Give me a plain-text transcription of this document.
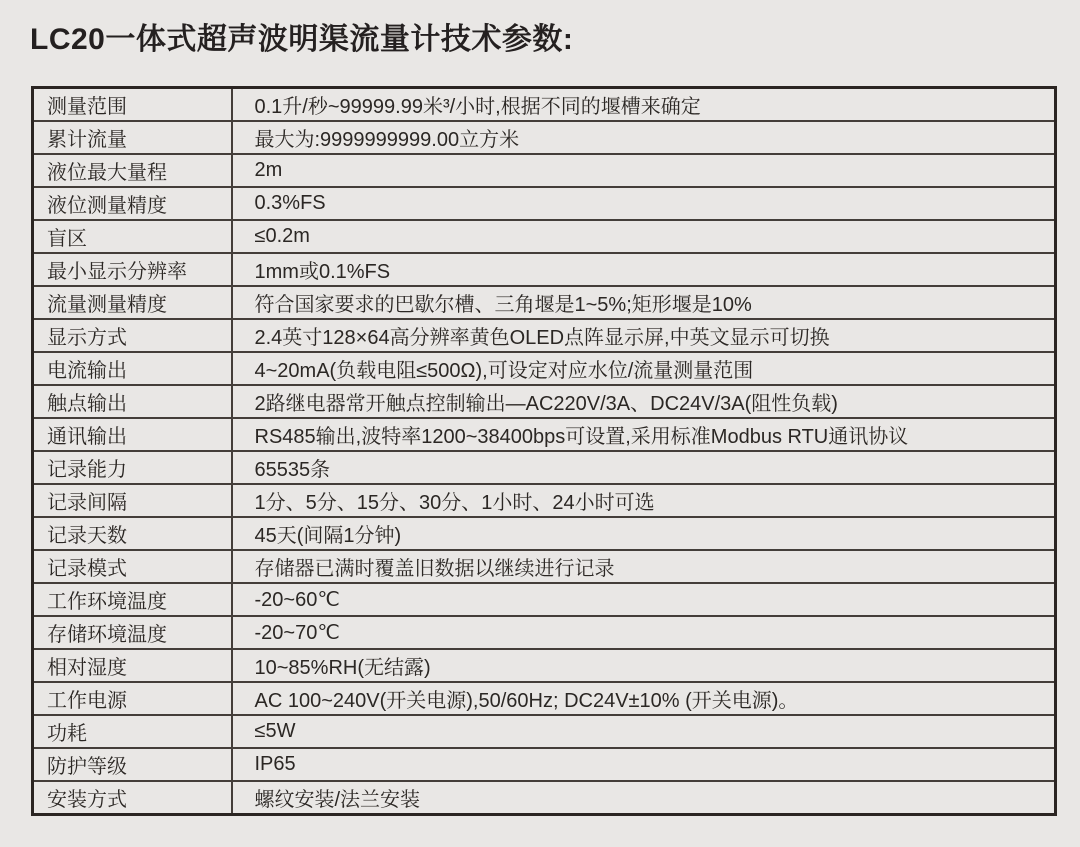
LC20一体式超声波明渠流量计技术参数:
测量范围	0.1升/秒~99999.99米³/小时,根据不同的堰槽来确定
累计流量	最大为:9999999999.00立方米
液位最大量程	2m
液位测量精度	0.3%FS
盲区	≤0.2m
最小显示分辨率	1mm或0.1%FS
流量测量精度	符合国家要求的巴歇尔槽、三角堰是1~5%;矩形堰是10%
显示方式	2.4英寸128×64高分辨率黄色OLED点阵显示屏,中英文显示可切换
电流输出	4~20mA(负载电阻≤500Ω),可设定对应水位/流量测量范围
触点输出	2路继电器常开触点控制输出—AC220V/3A、DC24V/3A(阻性负载)
通讯输出	RS485输出,波特率1200~38400bps可设置,采用标准Modbus RTU通讯协议
记录能力	65535条
记录间隔	1分、5分、15分、30分、1小时、24小时可选
记录天数	45天(间隔1分钟)
记录模式	存储器已满时覆盖旧数据以继续进行记录
工作环境温度	-20~60℃
存储环境温度	-20~70℃
相对湿度	10~85%RH(无结露)
工作电源	AC 100~240V(开关电源),50/60Hz; DC24V±10% (开关电源)。
功耗	≤5W
防护等级	IP65
安装方式	螺纹安装/法兰安装
